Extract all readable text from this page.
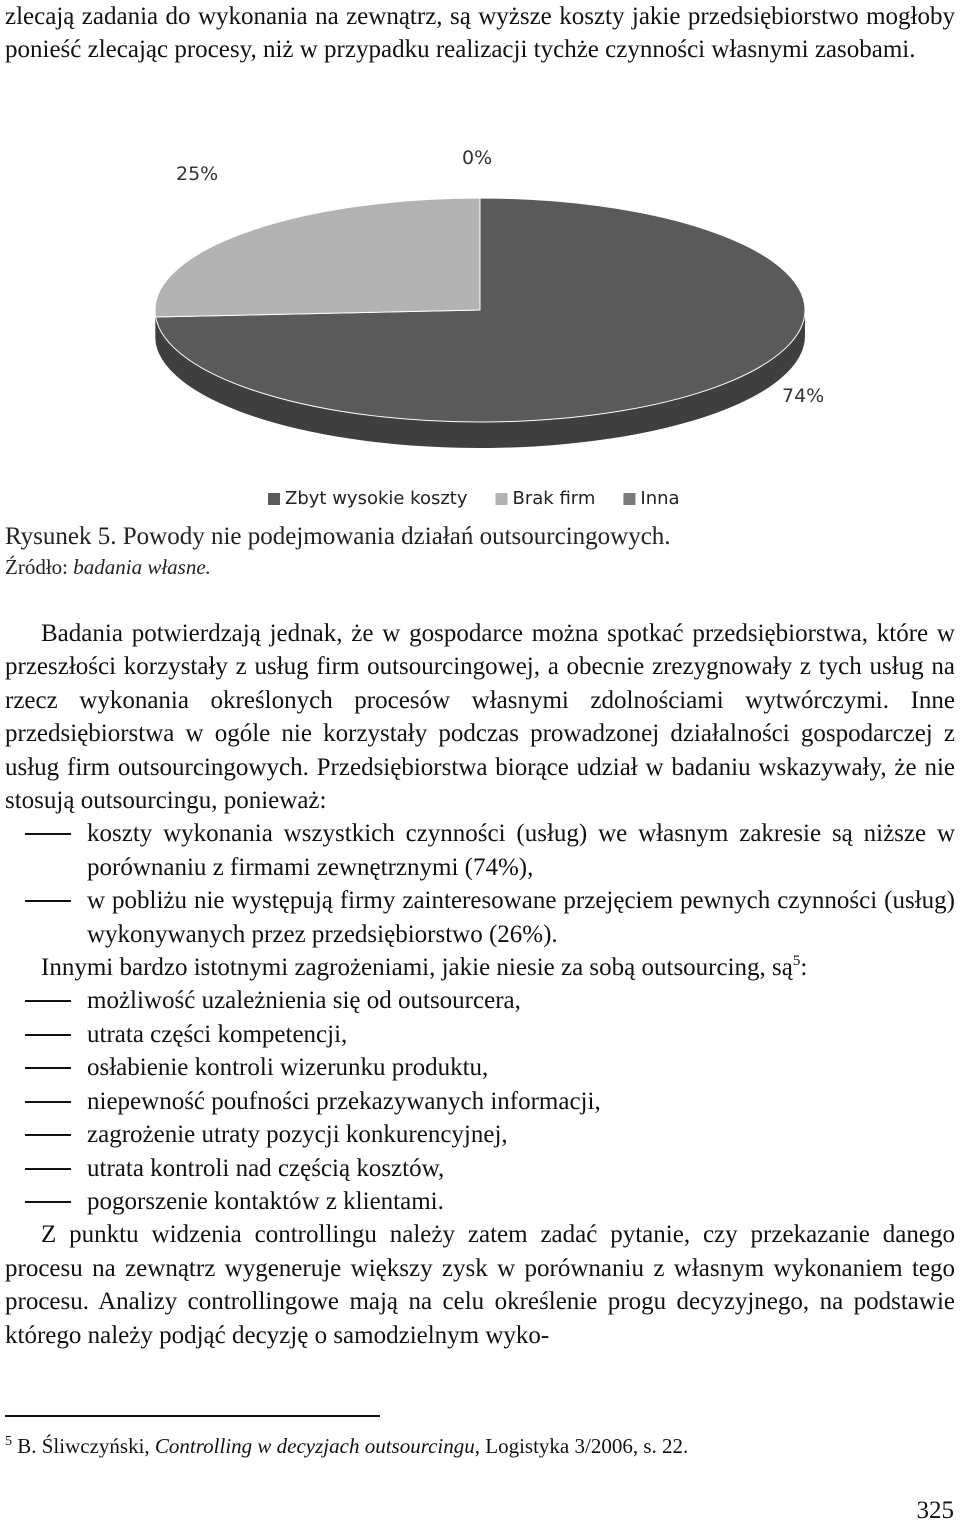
zlecają zadania do wykonania na zewnątrz, są wyższe koszty jakie przedsiębiorstwo mogłoby ponieść zlecając procesy, niż w przypadku realizacji tychże czynności własnymi zasobami.

74%
25%
0%
Zbyt wysokie koszty	Brak firm	Inna

Rysunek 5. Powody nie podejmowania działań outsourcingowych.

Źródło: badania własne.

Badania potwierdzają jednak, że w gospodarce można spotkać przedsiębiorstwa, które w przeszłości korzystały z usług firm outsourcingowej, a obecnie zrezygnowały z tych usług na rzecz wykonania określonych procesów własnymi zdolnościami wytwórczymi. Inne przedsiębiorstwa w ogóle nie korzystały podczas prowadzonej działalności gospodarczej z usług firm outsourcingowych. Przedsiębiorstwa biorące udział w badaniu wskazywały, że nie stosują outsourcingu, ponieważ:
koszty wykonania wszystkich czynności (usług) we własnym zakresie są niższe w porównaniu z firmami zewnętrznymi (74%),
w pobliżu nie występują firmy zainteresowane przejęciem pewnych czynności (usług) wykonywanych przez przedsiębiorstwo (26%).
Innymi bardzo istotnymi zagrożeniami, jakie niesie za sobą outsourcing, $są^5$:
możliwość uzależnienia się od outsourcera,
utrata części kompetencji,
osłabienie kontroli wizerunku produktu,
niepewność poufności przekazywanych informacji,
zagrożenie utraty pozycji konkurencyjnej,
utrata kontroli nad częścią kosztów,
pogorszenie kontaktów z klientami.
Z punktu widzenia controllingu należy zatem zadać pytanie, czy przekazanie danego procesu na zewnątrz wygeneruje większy zysk w porównaniu z własnym wykonaniem tego procesu. Analizy controllingowe mają na celu określenie progu decyzyjnego, na podstawie którego należy podjąć decyzję o samodzielnym wyko-

$^5$ B. Śliwczyński, Controlling w decyzjach outsourcingu, Logistyka 3/2006, s. 22.

325
